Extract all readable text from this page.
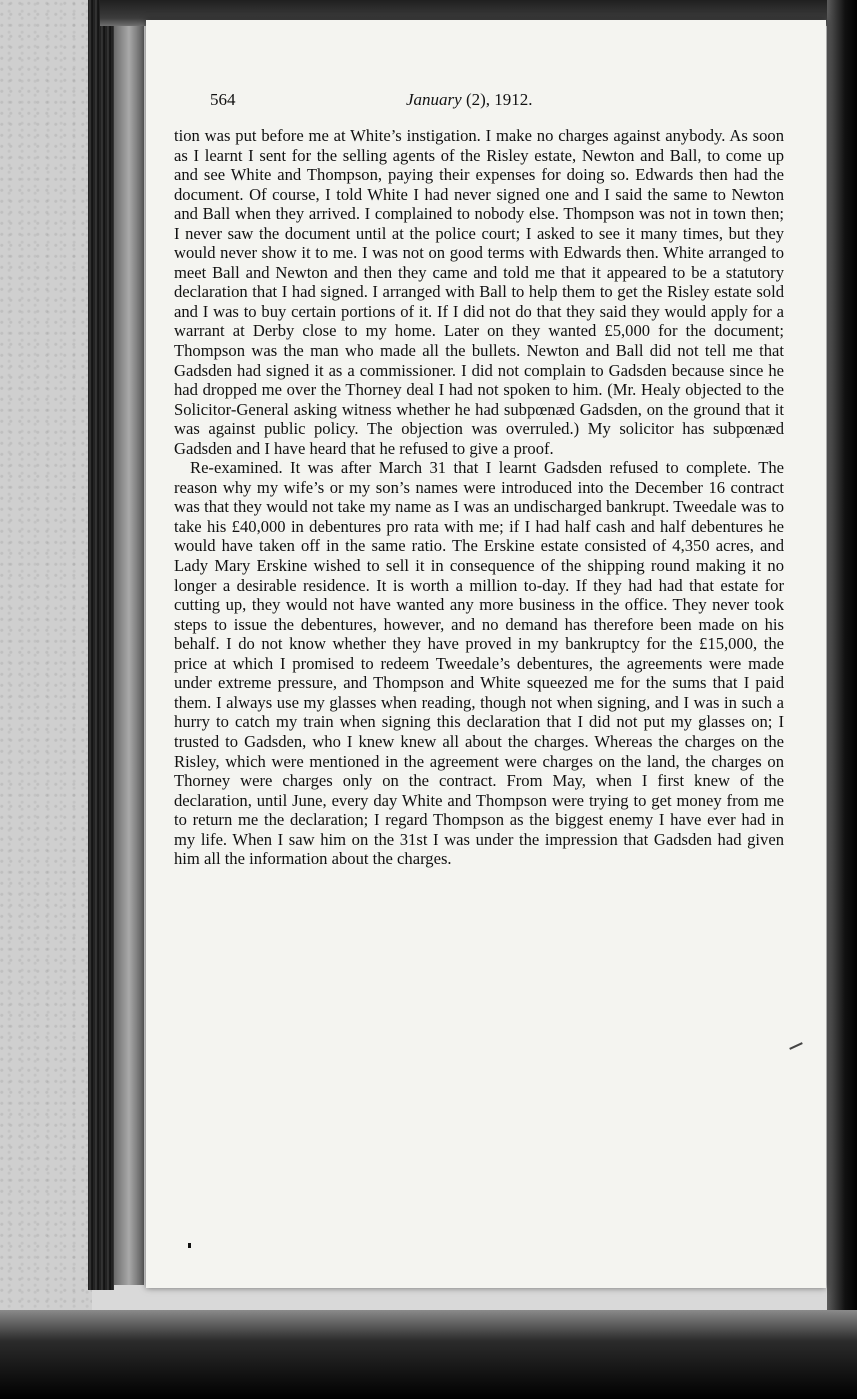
564	January (2), 1912.

tion was put before me at White’s instigation. I make no charges against anybody. As soon as I learnt I sent for the selling agents of the Risley estate, Newton and Ball, to come up and see White and Thompson, paying their expenses for doing so. Edwards then had the document. Of course, I told White I had never signed one and I said the same to Newton and Ball when they arrived. I complained to nobody else. Thompson was not in town then; I never saw the document until at the police court; I asked to see it many times, but they would never show it to me. I was not on good terms with Edwards then. White arranged to meet Ball and Newton and then they came and told me that it appeared to be a statutory declaration that I had signed. I arranged with Ball to help them to get the Risley estate sold and I was to buy certain portions of it. If I did not do that they said they would apply for a warrant at Derby close to my home. Later on they wanted £5,000 for the document; Thompson was the man who made all the bullets. Newton and Ball did not tell me that Gadsden had signed it as a commissioner. I did not complain to Gadsden because since he had dropped me over the Thorney deal I had not spoken to him. (Mr. Healy objected to the Solicitor-General asking witness whether he had subpœnæd Gadsden, on the ground that it was against public policy. The objection was overruled.) My solicitor has subpœnæd Gadsden and I have heard that he refused to give a proof.

Re-examined. It was after March 31 that I learnt Gadsden refused to complete. The reason why my wife’s or my son’s names were introduced into the December 16 contract was that they would not take my name as I was an undischarged bankrupt. Tweedale was to take his £40,000 in debentures pro rata with me; if I had half cash and half debentures he would have taken off in the same ratio. The Erskine estate consisted of 4,350 acres, and Lady Mary Erskine wished to sell it in consequence of the shipping round making it no longer a desirable residence. It is worth a million to-day. If they had had that estate for cutting up, they would not have wanted any more business in the office. They never took steps to issue the debentures, however, and no demand has therefore been made on his behalf. I do not know whether they have proved in my bankruptcy for the £15,000, the price at which I promised to redeem Tweedale’s debentures, the agreements were made under extreme pressure, and Thompson and White squeezed me for the sums that I paid them. I always use my glasses when reading, though not when signing, and I was in such a hurry to catch my train when signing this declaration that I did not put my glasses on; I trusted to Gadsden, who I knew knew all about the charges. Whereas the charges on the Risley, which were mentioned in the agreement were charges on the land, the charges on Thorney were charges only on the contract. From May, when I first knew of the declaration, until June, every day White and Thompson were trying to get money from me to return me the declaration; I regard Thompson as the biggest enemy I have ever had in my life. When I saw him on the 31st I was under the impression that Gadsden had given him all the information about the charges.
